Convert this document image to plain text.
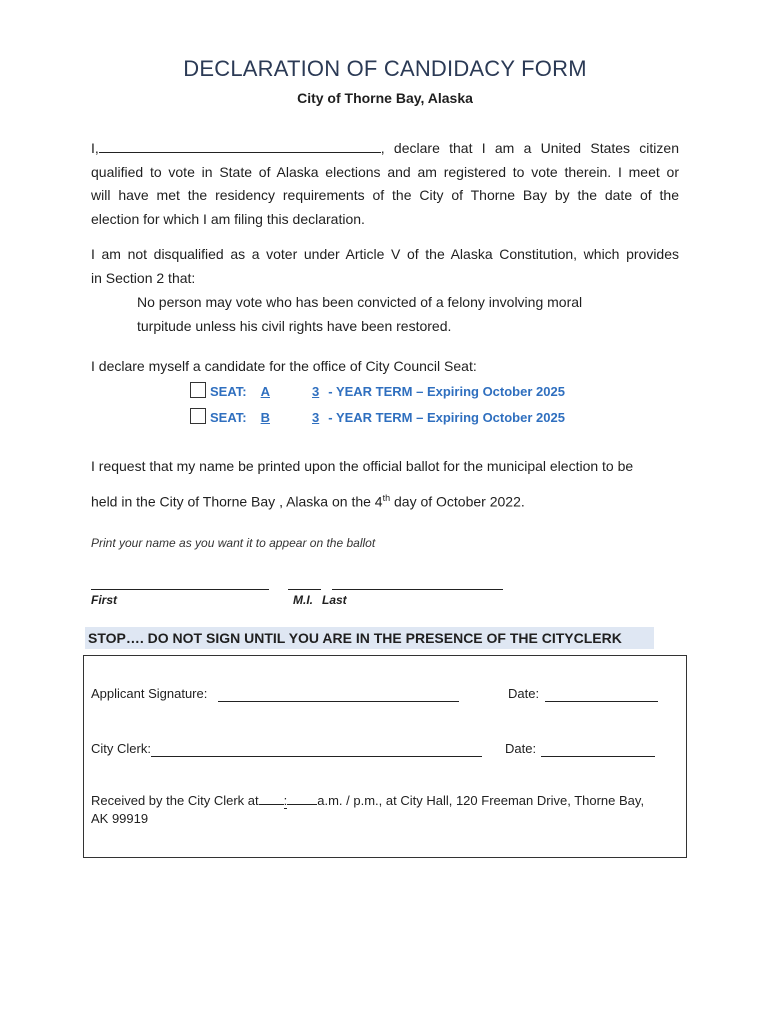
DECLARATION OF CANDIDACY FORM
City of Thorne Bay, Alaska
I,	, declare that I am a United States citizen
qualified to vote in State of Alaska elections and am registered to vote therein. I meet or
will have met the residency requirements of the City of Thorne Bay by the date of the
election for which I am filing this declaration.
I am not disqualified as a voter under Article V of the Alaska Constitution, which provides
in Section 2 that:
No person may vote who has been convicted of a felony involving moral
turpitude unless his civil rights have been restored.
I declare myself a candidate for the office of City Council Seat:
SEAT: A	3 - YEAR TERM – Expiring October 2025
SEAT: B	3 - YEAR TERM – Expiring October 2025
I request that my name be printed upon the official ballot for the municipal election to be
held in the City of Thorne Bay , Alaska on the 4th day of October 2022.
Print your name as you want it to appear on the ballot
First	M.I. Last
STOP…. DO NOT SIGN UNTIL YOU ARE IN THE PRESENCE OF THE CITYCLERK
Applicant Signature:	Date:
City Clerk:	Date:
Received by the City Clerk at : a.m. / p.m., at City Hall, 120 Freeman Drive, Thorne Bay,
AK 99919
